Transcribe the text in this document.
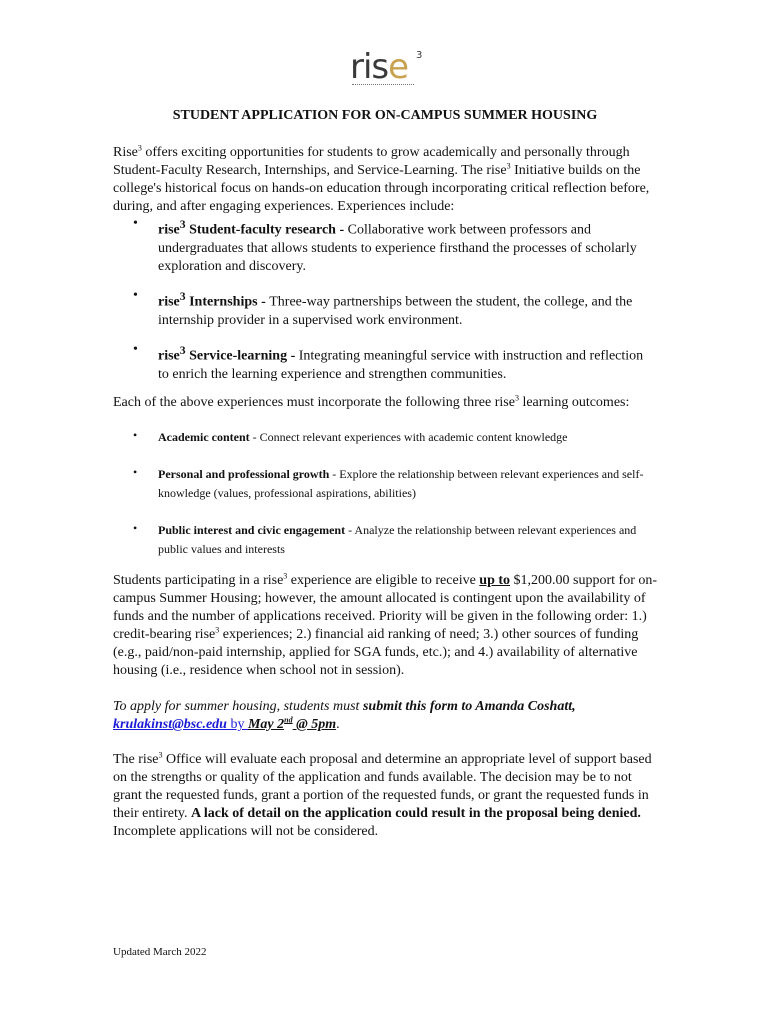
rise 3
STUDENT APPLICATION FOR ON-CAMPUS SUMMER HOUSING
Rise$^3$ offers exciting opportunities for students to grow academically and personally through Student-Faculty Research, Internships, and Service-Learning. The rise$^3$ Initiative builds on the college's historical focus on hands-on education through incorporating critical reflection before, during, and after engaging experiences. Experiences include:
• rise$^3$ Student-faculty research - Collaborative work between professors and undergraduates that allows students to experience firsthand the processes of scholarly exploration and discovery.
• rise$^3$ Internships - Three-way partnerships between the student, the college, and the internship provider in a supervised work environment.
• rise$^3$ Service-learning - Integrating meaningful service with instruction and reflection to enrich the learning experience and strengthen communities.
Each of the above experiences must incorporate the following three rise$^3$ learning outcomes:
• Academic content - Connect relevant experiences with academic content knowledge
• Personal and professional growth - Explore the relationship between relevant experiences and self-knowledge (values, professional aspirations, abilities)
• Public interest and civic engagement - Analyze the relationship between relevant experiences and public values and interests
Students participating in a rise$^3$ experience are eligible to receive up to $1,200.00 support for on-campus Summer Housing; however, the amount allocated is contingent upon the availability of funds and the number of applications received. Priority will be given in the following order: 1.) credit-bearing rise$^3$ experiences; 2.) financial aid ranking of need; 3.) other sources of funding (e.g., paid/non-paid internship, applied for SGA funds, etc.); and 4.) availability of alternative housing (i.e., residence when school not in session).
To apply for summer housing, students must submit this form to Amanda Coshatt, krulakinst@bsc.edu by May 2nd @ 5pm.
The rise$^3$ Office will evaluate each proposal and determine an appropriate level of support based on the strengths or quality of the application and funds available. The decision may be to not grant the requested funds, grant a portion of the requested funds, or grant the requested funds in their entirety. A lack of detail on the application could result in the proposal being denied. Incomplete applications will not be considered.
Updated March 2022
